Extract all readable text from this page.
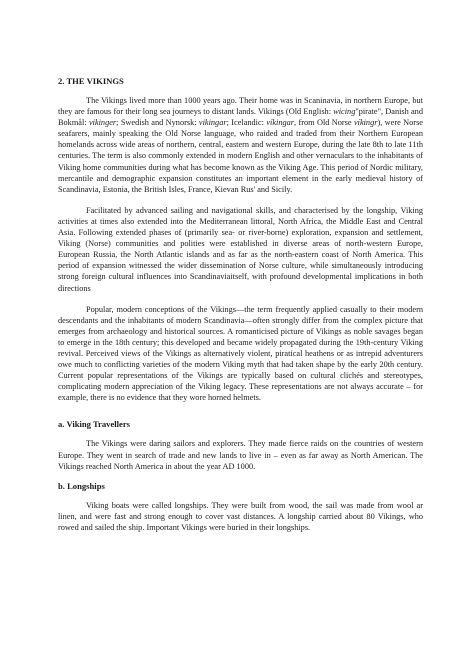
2. THE VIKINGS

The Vikings lived more than 1000 years ago. Their home was in Scaninavia, in northern Europe, but they are famous for their long sea journeys to distant lands. Vikings (Old English: wicing"pirate", Danish and Bokmål: vikinger; Swedish and Nynorsk: vikingar; Icelandic: víkingar, from Old Norse víkingr), were Norse seafarers, mainly speaking the Old Norse language, who raided and traded from their Northern European homelands across wide areas of northern, central, eastern and western Europe, during the late 8th to late 11th centuries. The term is also commonly extended in modern English and other vernaculars to the inhabitants of Viking home communities during what has become known as the Viking Age. This period of Nordic military, mercantile and demographic expansion constitutes an important element in the early medieval history of Scandinavia, Estonia, the British Isles, France, Kievan Rus' and Sicily.

Facilitated by advanced sailing and navigational skills, and characterised by the longship, Viking activities at times also extended into the Mediterranean littoral, North Africa, the Middle East and Central Asia. Following extended phases of (primarily sea- or river-borne) exploration, expansion and settlement, Viking (Norse) communities and polities were established in diverse areas of north-western Europe, European Russia, the North Atlantic islands and as far as the north-eastern coast of North America. This period of expansion witnessed the wider dissemination of Norse culture, while simultaneously introducing strong foreign cultural influences into Scandinaviaitself, with profound developmental implications in both directions

Popular, modern conceptions of the Vikings—the term frequently applied casually to their modern descendants and the inhabitants of modern Scandinavia—often strongly differ from the complex picture that emerges from archaeology and historical sources. A romanticised picture of Vikings as noble savages began to emerge in the 18th century; this developed and became widely propagated during the 19th-century Viking revival. Perceived views of the Vikings as alternatively violent, piratical heathens or as intrepid adventurers owe much to conflicting varieties of the modern Viking myth that had taken shape by the early 20th century. Current popular representations of the Vikings are typically based on cultural clichés and stereotypes, complicating modern appreciation of the Viking legacy. These representations are not always accurate – for example, there is no evidence that they wore horned helmets.

a. Viking Travellers

The Vikings were daring sailors and explorers. They made fierce raids on the countries of western Europe. They went in search of trade and new lands to live in – even as far away as North American. The Vikings reached North America in about the year AD 1000.

b. Longships

Viking boats were called longships. They were built from wood, the sail was made from wool ar linen, and were fast and strong enough to cover vast distances. A longship carried about 80 Vikings, who rowed and sailed the ship. Important Vikings were buried in their longships.
